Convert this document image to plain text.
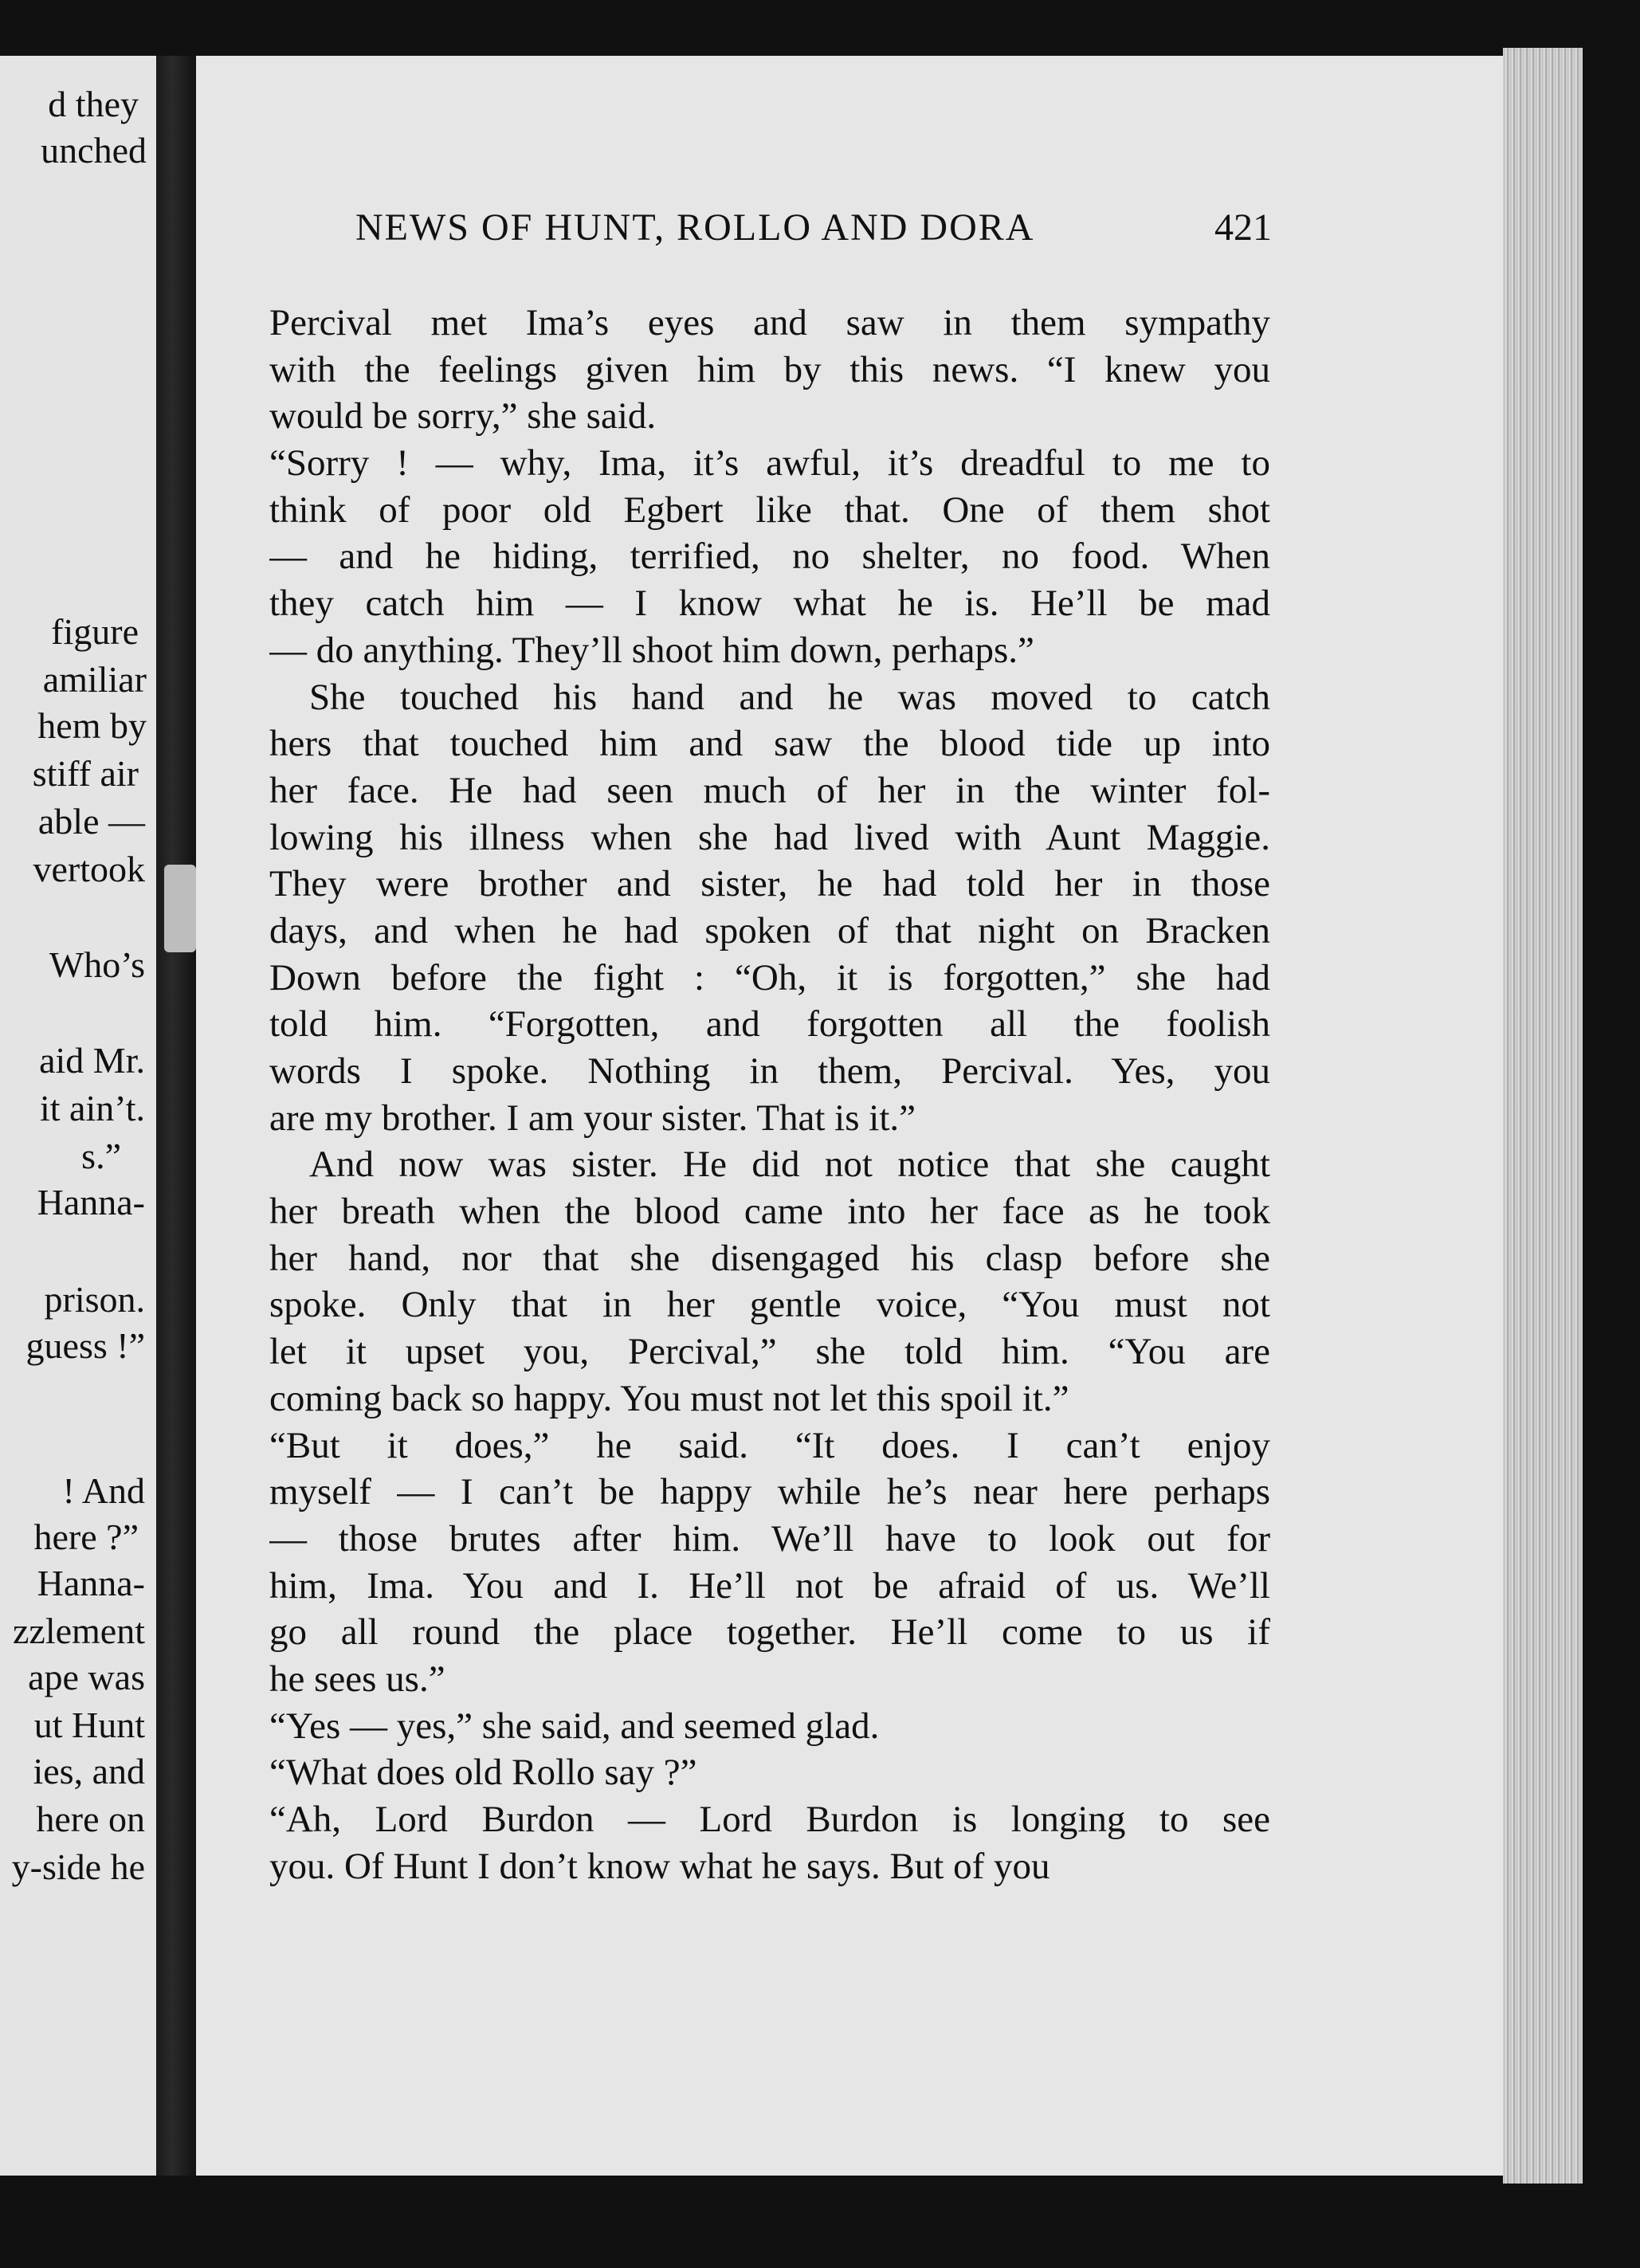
d they
unched
figure
amiliar
hem by
stiff air
able —
vertook
Who’s
aid Mr.
it ain’t.
s.”
Hanna-
prison.
guess !”
! And
here ?”
Hanna-
zzlement
ape was
ut Hunt
ies, and
here on
y-side he
NEWS OF HUNT, ROLLO AND DORA	421
Percival met Ima’s eyes and saw in them sympathy
with the feelings given him by this news. “I knew you
would be sorry,” she said.
“Sorry ! — why, Ima, it’s awful, it’s dreadful to me to
think of poor old Egbert like that. One of them shot
— and he hiding, terrified, no shelter, no food. When
they catch him — I know what he is. He’ll be mad
— do anything. They’ll shoot him down, perhaps.”
She touched his hand and he was moved to catch
hers that touched him and saw the blood tide up into
her face. He had seen much of her in the winter fol-
lowing his illness when she had lived with Aunt Maggie.
They were brother and sister, he had told her in those
days, and when he had spoken of that night on Bracken
Down before the fight : “Oh, it is forgotten,” she had
told him. “Forgotten, and forgotten all the foolish
words I spoke. Nothing in them, Percival. Yes, you
are my brother. I am your sister. That is it.”
And now was sister. He did not notice that she caught
her breath when the blood came into her face as he took
her hand, nor that she disengaged his clasp before she
spoke. Only that in her gentle voice, “You must not
let it upset you, Percival,” she told him. “You are
coming back so happy. You must not let this spoil it.”
“But it does,” he said. “It does. I can’t enjoy
myself — I can’t be happy while he’s near here perhaps
— those brutes after him. We’ll have to look out for
him, Ima. You and I. He’ll not be afraid of us. We’ll
go all round the place together. He’ll come to us if
he sees us.”
“Yes — yes,” she said, and seemed glad.
“What does old Rollo say ?”
“Ah, Lord Burdon — Lord Burdon is longing to see
you. Of Hunt I don’t know what he says. But of you
